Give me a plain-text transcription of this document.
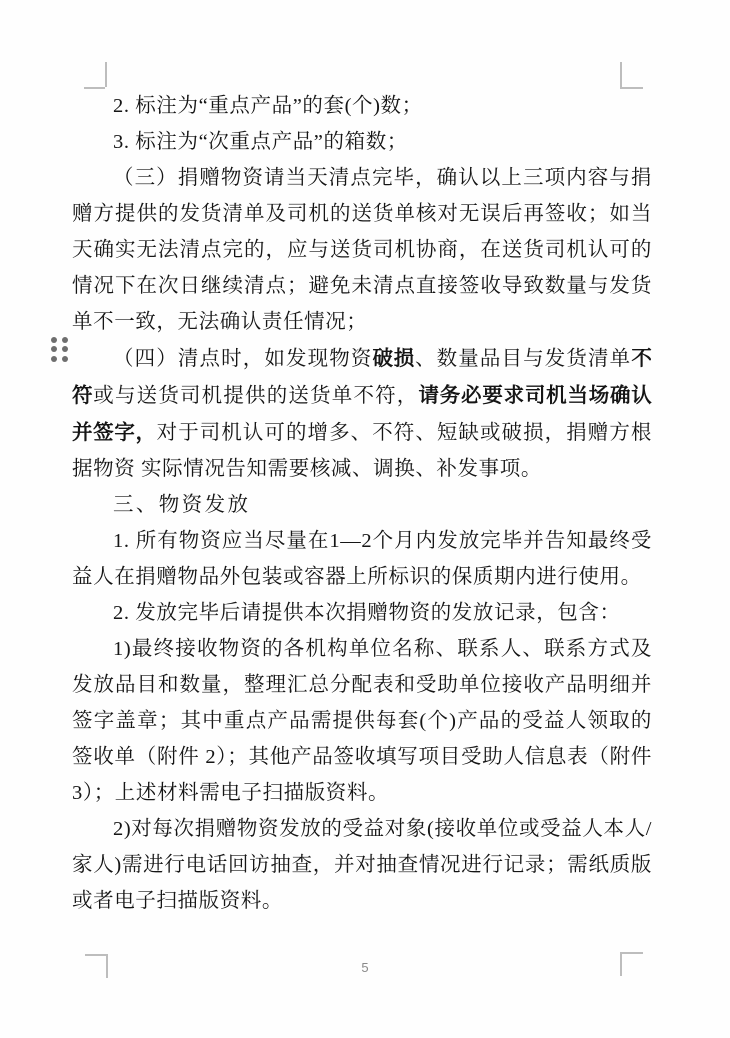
2. 标注为“重点产品”的套(个)数；

3. 标注为“次重点产品”的箱数；

（三）捐赠物资请当天清点完毕，确认以上三项内容与捐赠方提供的发货清单及司机的送货单核对无误后再签收；如当天确实无法清点完的，应与送货司机协商，在送货司机认可的情况下在次日继续清点；避免未清点直接签收导致数量与发货单不一致，无法确认责任情况；

（四）清点时，如发现物资破损、数量品目与发货清单不符或与送货司机提供的送货单不符，请务必要求司机当场确认并签字，对于司机认可的增多、不符、短缺或破损，捐赠方根据物资 实际情况告知需要核减、调换、补发事项。

三、物资发放

1. 所有物资应当尽量在1—2个月内发放完毕并告知最终受益人在捐赠物品外包装或容器上所标识的保质期内进行使用。

2. 发放完毕后请提供本次捐赠物资的发放记录，包含：

1)最终接收物资的各机构单位名称、联系人、联系方式及发放品目和数量，整理汇总分配表和受助单位接收产品明细并签字盖章；其中重点产品需提供每套(个)产品的受益人领取的签收单（附件 2）；其他产品签收填写项目受助人信息表（附件3）；上述材料需电子扫描版资料。

2)对每次捐赠物资发放的受益对象(接收单位或受益人本人/家人)需进行电话回访抽查，并对抽查情况进行记录；需纸质版或者电子扫描版资料。

5
